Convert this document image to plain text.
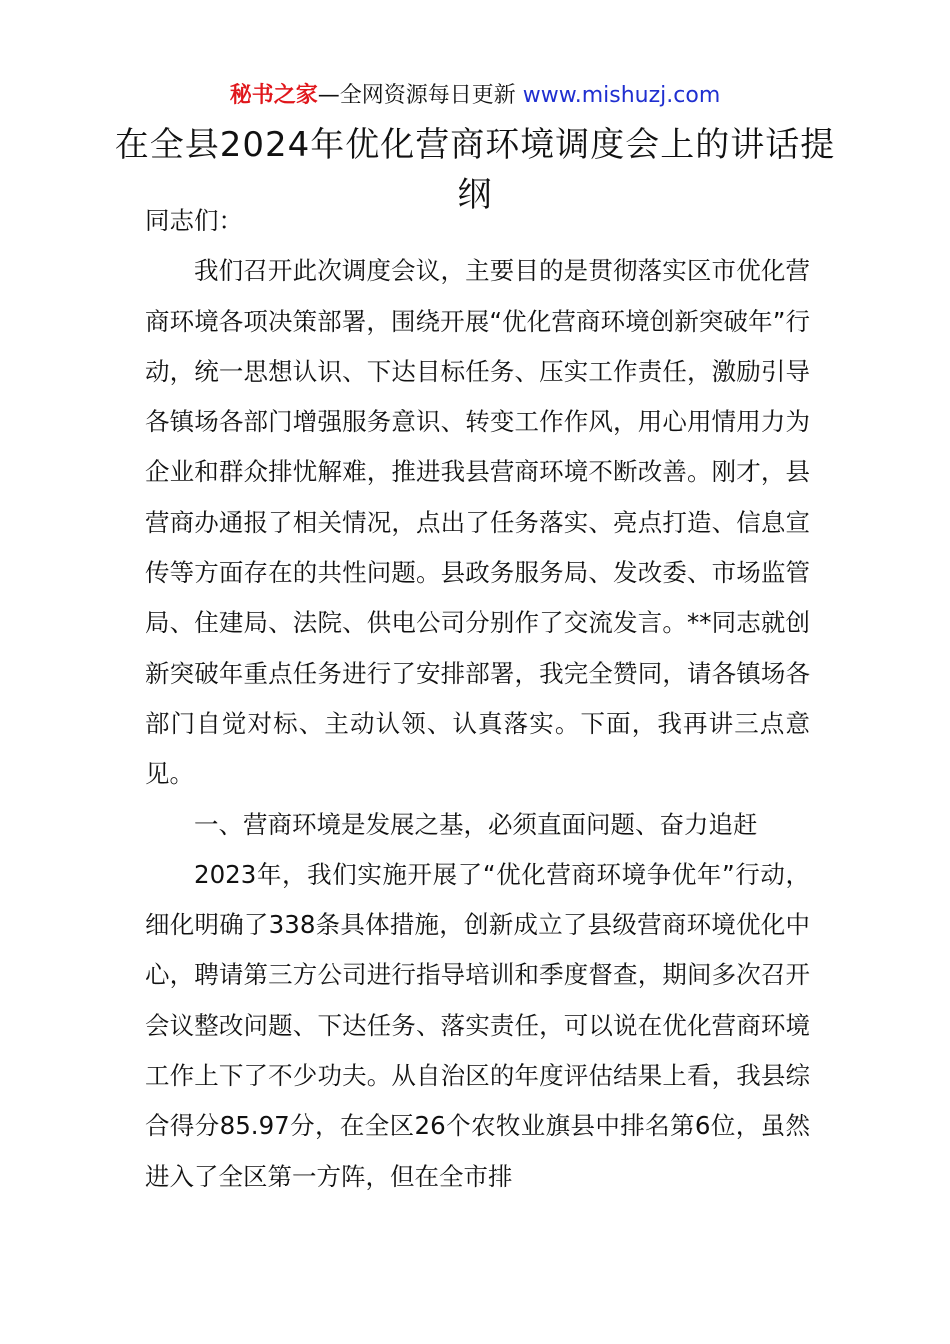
秘书之家—全网资源每日更新 www.mishuzj.com
在全县2024年优化营商环境调度会上的讲话提纲

同志们：

我们召开此次调度会议，主要目的是贯彻落实区市优化营商环境各项决策部署，围绕开展“优化营商环境创新突破年”行动，统一思想认识、下达目标任务、压实工作责任，激励引导各镇场各部门增强服务意识、转变工作作风，用心用情用力为企业和群众排忧解难，推进我县营商环境不断改善。刚才，县营商办通报了相关情况，点出了任务落实、亮点打造、信息宣传等方面存在的共性问题。县政务服务局、发改委、市场监管局、住建局、法院、供电公司分别作了交流发言。**同志就创新突破年重点任务进行了安排部署，我完全赞同，请各镇场各部门自觉对标、主动认领、认真落实。下面，我再讲三点意见。

一、营商环境是发展之基，必须直面问题、奋力追赶

2023年，我们实施开展了“优化营商环境争优年”行动，细化明确了338条具体措施，创新成立了县级营商环境优化中心，聘请第三方公司进行指导培训和季度督查，期间多次召开会议整改问题、下达任务、落实责任，可以说在优化营商环境工作上下了不少功夫。从自治区的年度评估结果上看，我县综合得分85.97分，在全区26个农牧业旗县中排名第6位，虽然进入了全区第一方阵，但在全市排
